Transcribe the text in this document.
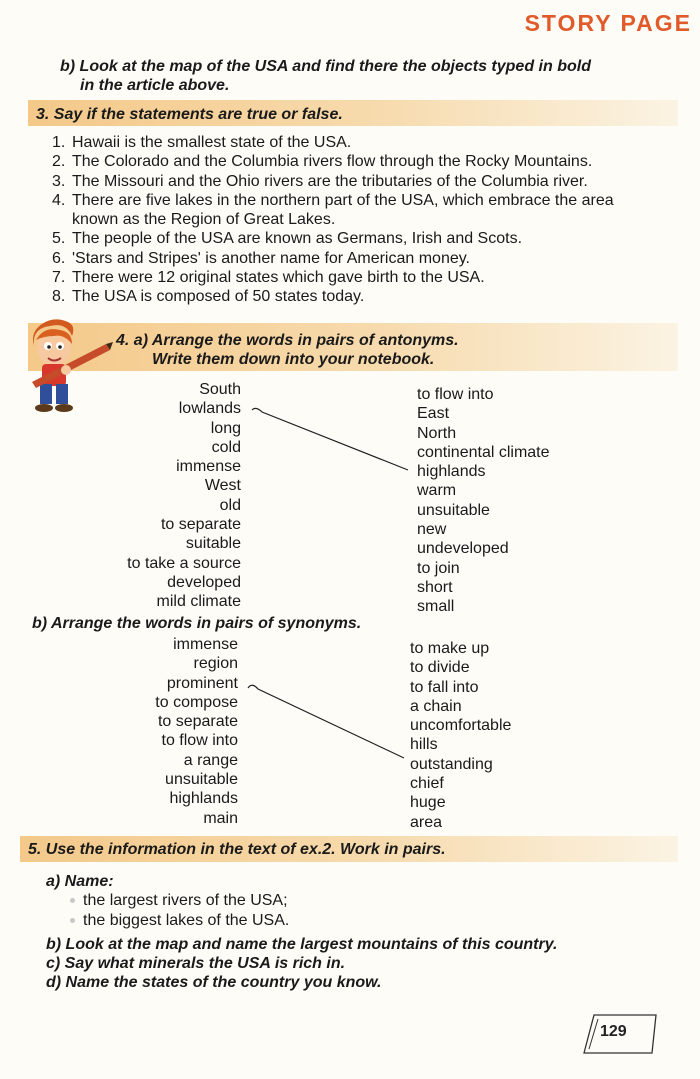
STORY PAGE
b) Look at the map of the USA and find there the objects typed in bold
in the article above.
3. Say if the statements are true or false.
1. Hawaii is the smallest state of the USA.
2. The Colorado and the Columbia rivers flow through the Rocky Mountains.
3. The Missouri and the Ohio rivers are the tributaries of the Columbia river.
4. There are five lakes in the northern part of the USA, which embrace the area known as the Region of Great Lakes.
5. The people of the USA are known as Germans, Irish and Scots.
6. 'Stars and Stripes' is another name for American money.
7. There were 12 original states which gave birth to the USA.
8. The USA is composed of 50 states today.
4. a) Arrange the words in pairs of antonyms.
Write them down into your notebook.
South
lowlands
long
cold
immense
West
old
to separate
suitable
to take a source
developed
mild climate
to flow into
East
North
continental climate
highlands
warm
unsuitable
new
undeveloped
to join
short
small
b) Arrange the words in pairs of synonyms.
immense
region
prominent
to compose
to separate
to flow into
a range
unsuitable
highlands
main
to make up
to divide
to fall into
a chain
uncomfortable
hills
outstanding
chief
huge
area
5. Use the information in the text of ex.2. Work in pairs.
a) Name:
the largest rivers of the USA;
the biggest lakes of the USA.
b) Look at the map and name the largest mountains of this country.
c) Say what minerals the USA is rich in.
d) Name the states of the country you know.
129
